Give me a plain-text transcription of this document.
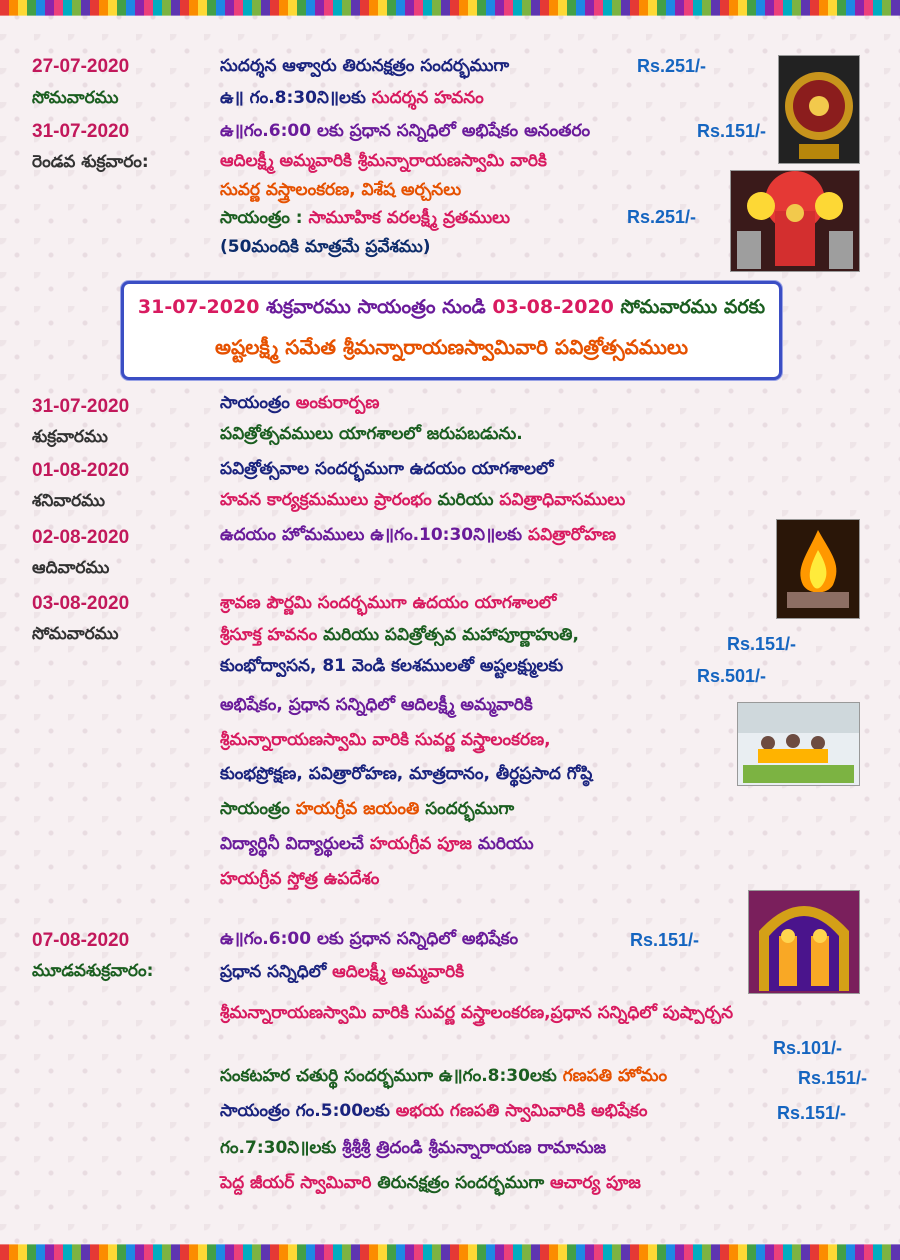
27-07-2020
సోమవారము
సుదర్శన ఆళ్వారు తిరునక్షత్రం సందర్భముగా	Rs.251/-
ఉ॥ గం.8:30ని॥లకు సుదర్శన హవనం
31-07-2020
రెండవ శుక్రవారం:
ఉ॥గం.6:00 లకు ప్రధాన సన్నిధిలో అభిషేకం అనంతరం	Rs.151/-
ఆదిలక్ష్మీ అమ్మవారికి శ్రీమన్నారాయణస్వామి వారికి
సువర్ణ వస్త్రాలంకరణ, విశేష అర్చనలు
సాయంత్రం : సామూహిక వరలక్ష్మీ వ్రతములు	Rs.251/-
(50మందికి మాత్రమే ప్రవేశము)
31-07-2020 శుక్రవారము సాయంత్రం నుండి 03-08-2020 సోమవారము వరకు
అష్టలక్ష్మీ సమేత శ్రీమన్నారాయణస్వామివారి పవిత్రోత్సవములు
31-07-2020
శుక్రవారము
సాయంత్రం అంకురార్పణ
పవిత్రోత్సవములు యాగశాలలో జరుపబడును.
01-08-2020
శనివారము
పవిత్రోత్సవాల సందర్భముగా ఉదయం యాగశాలలో
హవన కార్యక్రమములు ప్రారంభం మరియు పవిత్రాధివాసములు
02-08-2020
ఆదివారము
ఉదయం హోమములు ఉ॥గం.10:30ని॥లకు పవిత్రారోహణ
03-08-2020
సోమవారము
శ్రావణ పౌర్ణమి సందర్భముగా ఉదయం యాగశాలలో
శ్రీసూక్త హవనం మరియు పవిత్రోత్సవ మహాపూర్ణాహుతి,	Rs.151/-
కుంభోద్వాసన, 81 వెండి కలశములతో అష్టలక్ష్ములకు	Rs.501/-
అభిషేకం, ప్రధాన సన్నిధిలో ఆదిలక్ష్మీ అమ్మవారికి
శ్రీమన్నారాయణస్వామి వారికి సువర్ణ వస్త్రాలంకరణ,
కుంభప్రోక్షణ, పవిత్రారోహణ, మాత్రదానం, తీర్థప్రసాద గోష్ఠి
సాయంత్రం హయగ్రీవ జయంతి సందర్భముగా
విద్యార్థినీ విద్యార్థులచే హయగ్రీవ పూజ మరియు
హయగ్రీవ స్తోత్ర ఉపదేశం
07-08-2020
మూడవశుక్రవారం:
ఉ॥గం.6:00 లకు ప్రధాన సన్నిధిలో అభిషేకం	Rs.151/-
ప్రధాన సన్నిధిలో ఆదిలక్ష్మీ అమ్మవారికి
శ్రీమన్నారాయణస్వామి వారికి సువర్ణ వస్త్రాలంకరణ,ప్రధాన సన్నిధిలో పుష్పార్చన
Rs.101/-
సంకటహర చతుర్థి సందర్భముగా ఉ॥గం.8:30లకు గణపతి హోమం	Rs.151/-
సాయంత్రం గం.5:00లకు అభయ గణపతి స్వామివారికి అభిషేకం	Rs.151/-
గం.7:30ని॥లకు శ్రీశ్రీశ్రీ త్రిదండి శ్రీమన్నారాయణ రామానుజ
పెద్ద జీయర్ స్వామివారి తిరునక్షత్రం సందర్భముగా ఆచార్య పూజ
